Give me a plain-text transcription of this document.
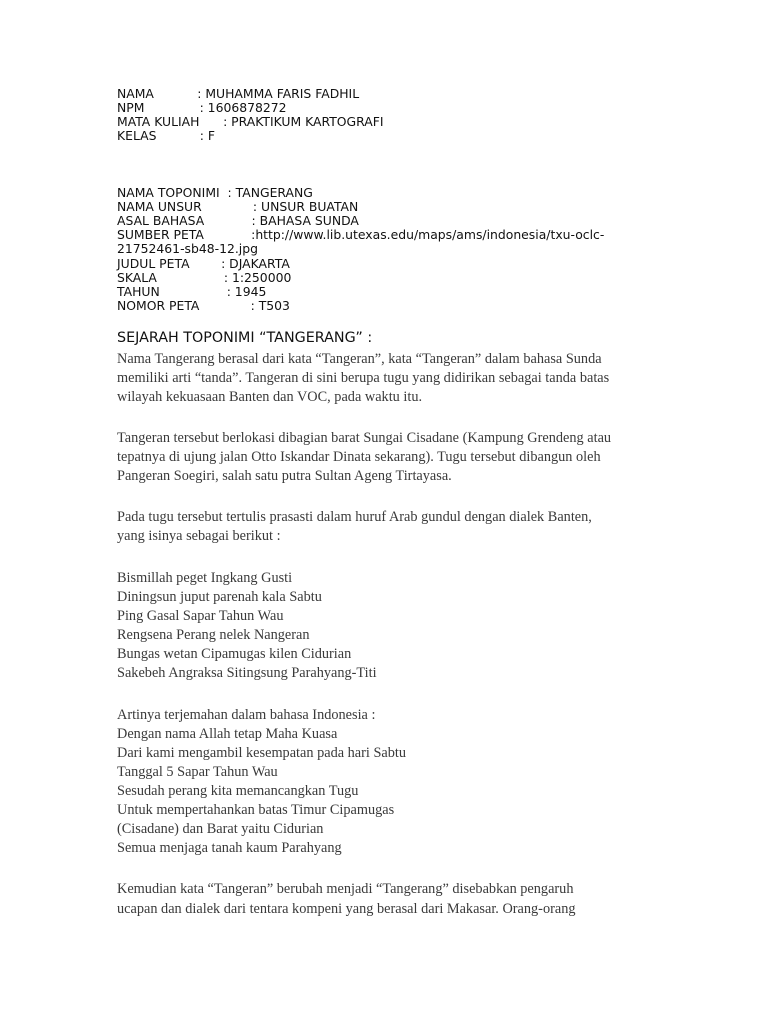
NAMA           : MUHAMMA FARIS FADHIL
NPM              : 1606878272
MATA KULIAH      : PRAKTIKUM KARTOGRAFI
KELAS           : F
NAMA TOPONIMI  : TANGERANG
NAMA UNSUR             : UNSUR BUATAN
ASAL BAHASA            : BAHASA SUNDA
SUMBER PETA            :http://www.lib.utexas.edu/maps/ams/indonesia/txu-oclc-
21752461-sb48-12.jpg
JUDUL PETA        : DJAKARTA
SKALA                 : 1:250000
TAHUN                 : 1945
NOMOR PETA             : T503
SEJARAH TOPONIMI “TANGERANG” :
Nama Tangerang berasal dari kata “Tangeran”, kata “Tangeran” dalam bahasa Sunda
memiliki arti “tanda”. Tangeran di sini berupa tugu yang didirikan sebagai tanda batas
wilayah kekuasaan Banten dan VOC, pada waktu itu.
Tangeran tersebut berlokasi dibagian barat Sungai Cisadane (Kampung Grendeng atau
tepatnya di ujung jalan Otto Iskandar Dinata sekarang). Tugu tersebut dibangun oleh
Pangeran Soegiri, salah satu putra Sultan Ageng Tirtayasa.
Pada tugu tersebut tertulis prasasti dalam huruf Arab gundul dengan dialek Banten,
yang isinya sebagai berikut :
Bismillah peget Ingkang Gusti
Diningsun juput parenah kala Sabtu
Ping Gasal Sapar Tahun Wau
Rengsena Perang nelek Nangeran
Bungas wetan Cipamugas kilen Cidurian
Sakebeh Angraksa Sitingsung Parahyang-Titi
Artinya terjemahan dalam bahasa Indonesia :
Dengan nama Allah tetap Maha Kuasa
Dari kami mengambil kesempatan pada hari Sabtu
Tanggal 5 Sapar Tahun Wau
Sesudah perang kita memancangkan Tugu
Untuk mempertahankan batas Timur Cipamugas
(Cisadane) dan Barat yaitu Cidurian
Semua menjaga tanah kaum Parahyang
Kemudian kata “Tangeran” berubah menjadi “Tangerang” disebabkan pengaruh
ucapan dan dialek dari tentara kompeni yang berasal dari Makasar. Orang-orang
